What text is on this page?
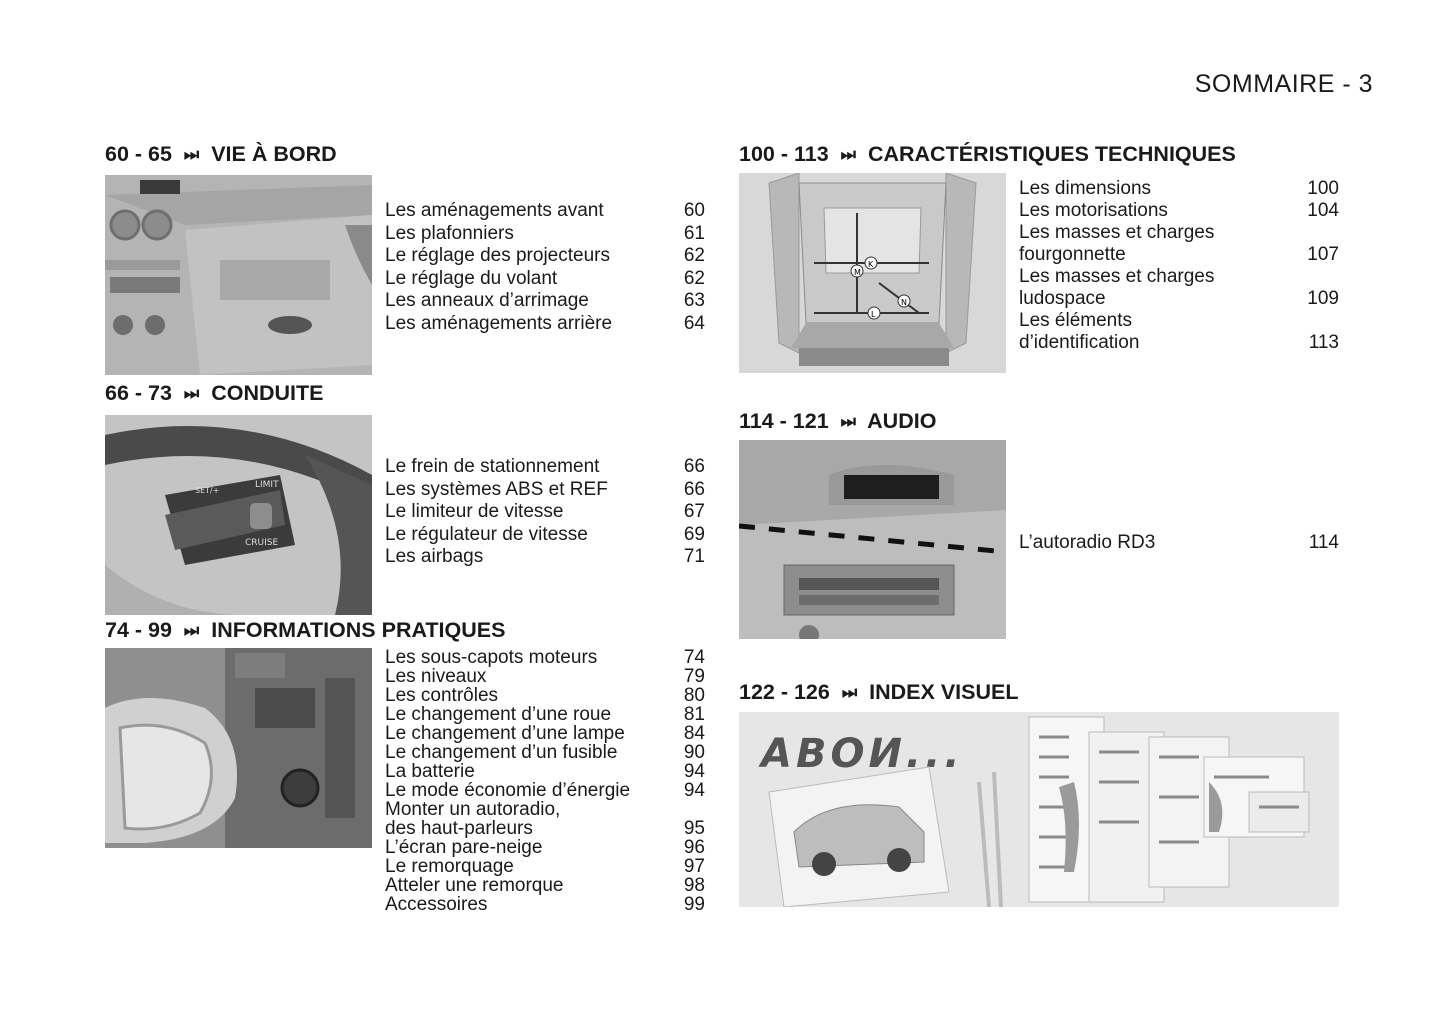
SOMMAIRE - 3
60 - 65 ⏭ VIE À BORD
Les aménagements avant	60
Les plafonniers	61
Le réglage des projecteurs	62
Le réglage du volant	62
Les anneaux d’arrimage	63
Les aménagements arrière	64
66 - 73 ⏭ CONDUITE
LIMIT
CRUISE
SET/+
Le frein de stationnement	66
Les systèmes ABS et REF	66
Le limiteur de vitesse	67
Le régulateur de vitesse	69
Les airbags	71
74 - 99 ⏭ INFORMATIONS PRATIQUES
Les sous-capots moteurs	74
Les niveaux	79
Les contrôles	80
Le changement d’une roue	81
Le changement d’une lampe	84
Le changement d’un fusible	90
La batterie	94
Le mode économie d’énergie	94
Monter un autoradio,
des haut-parleurs	95
L’écran pare-neige	96
Le remorquage	97
Atteler une remorque	98
Accessoires	99
100 - 113 ⏭ CARACTÉRISTIQUES TECHNIQUES
K
M
L
N
Les dimensions	100
Les motorisations	104
Les masses et charges
fourgonnette	107
Les masses et charges
ludospace	109
Les éléments
d’identification	113
114 - 121 ⏭ AUDIO
L’autoradio RD3	114
122 - 126 ⏭ INDEX VISUEL
ABOИ...
